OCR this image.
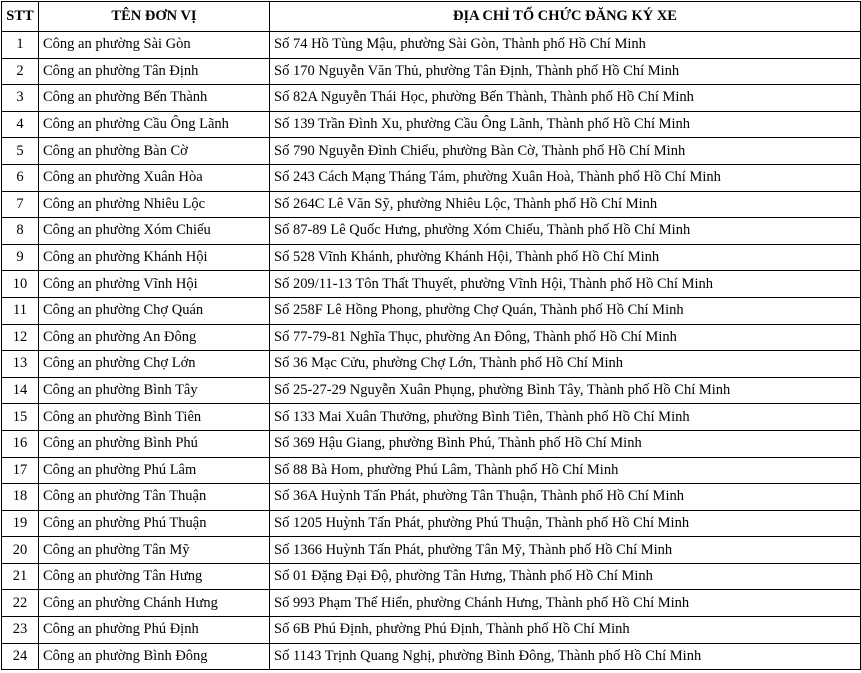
STT	TÊN ĐƠN VỊ	ĐỊA CHỈ TỔ CHỨC ĐĂNG KÝ XE
1	Công an phường Sài Gòn	Số 74 Hồ Tùng Mậu, phường Sài Gòn, Thành phố Hồ Chí Minh
2	Công an phường Tân Định	Số 170 Nguyễn Văn Thủ, phường Tân Định, Thành phố Hồ Chí Minh
3	Công an phường Bến Thành	Số 82A Nguyễn Thái Học, phường Bến Thành, Thành phố Hồ Chí Minh
4	Công an phường Cầu Ông Lãnh	Số 139 Trần Đình Xu, phường Cầu Ông Lãnh, Thành phố Hồ Chí Minh
5	Công an phường Bàn Cờ	Số 790 Nguyễn Đình Chiểu, phường Bàn Cờ, Thành phố Hồ Chí Minh
6	Công an phường Xuân Hòa	Số 243 Cách Mạng Tháng Tám, phường Xuân Hoà, Thành phố Hồ Chí Minh
7	Công an phường Nhiêu Lộc	Số 264C Lê Văn Sỹ, phường Nhiêu Lộc, Thành phố Hồ Chí Minh
8	Công an phường Xóm Chiếu	Số 87-89 Lê Quốc Hưng, phường Xóm Chiếu, Thành phố Hồ Chí Minh
9	Công an phường Khánh Hội	Số 528 Vĩnh Khánh, phường Khánh Hội, Thành phố Hồ Chí Minh
10	Công an phường Vĩnh Hội	Số 209/11-13 Tôn Thất Thuyết, phường Vĩnh Hội, Thành phố Hồ Chí Minh
11	Công an phường Chợ Quán	Số 258F Lê Hồng Phong, phường Chợ Quán, Thành phố Hồ Chí Minh
12	Công an phường An Đông	Số 77-79-81 Nghĩa Thục, phường An Đông, Thành phố Hồ Chí Minh
13	Công an phường Chợ Lớn	Số 36 Mạc Cửu, phường Chợ Lớn, Thành phố Hồ Chí Minh
14	Công an phường Bình Tây	Số 25-27-29 Nguyễn Xuân Phụng, phường Bình Tây, Thành phố Hồ Chí Minh
15	Công an phường Bình Tiên	Số 133 Mai Xuân Thưởng, phường Bình Tiên, Thành phố Hồ Chí Minh
16	Công an phường Bình Phú	Số 369 Hậu Giang, phường Bình Phú, Thành phố Hồ Chí Minh
17	Công an phường Phú Lâm	Số 88 Bà Hom, phường Phú Lâm, Thành phố Hồ Chí Minh
18	Công an phường Tân Thuận	Số 36A Huỳnh Tấn Phát, phường Tân Thuận, Thành phố Hồ Chí Minh
19	Công an phường Phú Thuận	Số 1205 Huỳnh Tấn Phát, phường Phú Thuận, Thành phố Hồ Chí Minh
20	Công an phường Tân Mỹ	Số 1366 Huỳnh Tấn Phát, phường Tân Mỹ, Thành phố Hồ Chí Minh
21	Công an phường Tân Hưng	Số 01 Đặng Đại Độ, phường Tân Hưng, Thành phố Hồ Chí Minh
22	Công an phường Chánh Hưng	Số 993 Phạm Thế Hiển, phường Chánh Hưng, Thành phố Hồ Chí Minh
23	Công an phường Phú Định	Số 6B Phú Định, phường Phú Định, Thành phố Hồ Chí Minh
24	Công an phường Bình Đông	Số 1143 Trịnh Quang Nghị, phường Bình Đông, Thành phố Hồ Chí Minh
